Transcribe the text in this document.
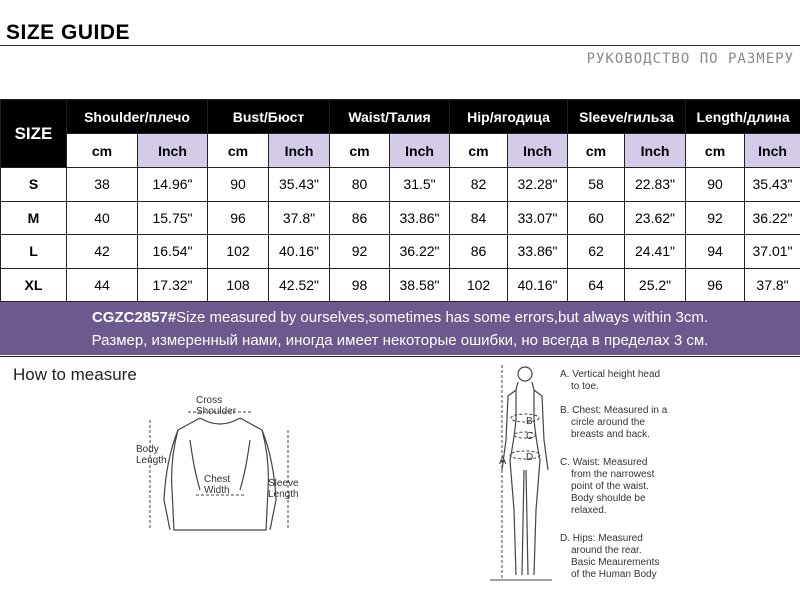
SIZE GUIDE
РУКОВОДСТВО ПО РАЗМЕРУ
SIZE	Shoulder/плечо		Bust/Бюст		Waist/Талия		Hip/ягодица		Sleeve/гильза		Length/длина	
	cm	Inch	cm	Inch	cm	Inch	cm	Inch	cm	Inch	cm	Inch
S	38	14.96"	90	35.43"	80	31.5"	82	32.28"	58	22.83"	90	35.43"
M	40	15.75"	96	37.8"	86	33.86"	84	33.07"	60	23.62"	92	36.22"
L	42	16.54"	102	40.16"	92	36.22"	86	33.86"	62	24.41"	94	37.01"
XL	44	17.32"	108	42.52"	98	38.58"	102	40.16"	64	25.2"	96	37.8"
CGZC2857#Size measured by ourselves,sometimes has some errors,but always within 3cm.
Размер, измеренный нами, иногда имеет некоторые ошибки, но всегда в пределах 3 см.
How to measure
Cross
Shoulder
Body
Length
Chest
Width
Sleeve
Length
A
B
C
D
A. Vertical height head
to toe.
B. Chest: Measured in a
circle around the
breasts and back.
C. Waist: Measured
from the narrowest
point of the waist.
Body shoulde be
relaxed.
D. Hips: Measured
around the rear.
Basic Meaurements
of the Human Body
